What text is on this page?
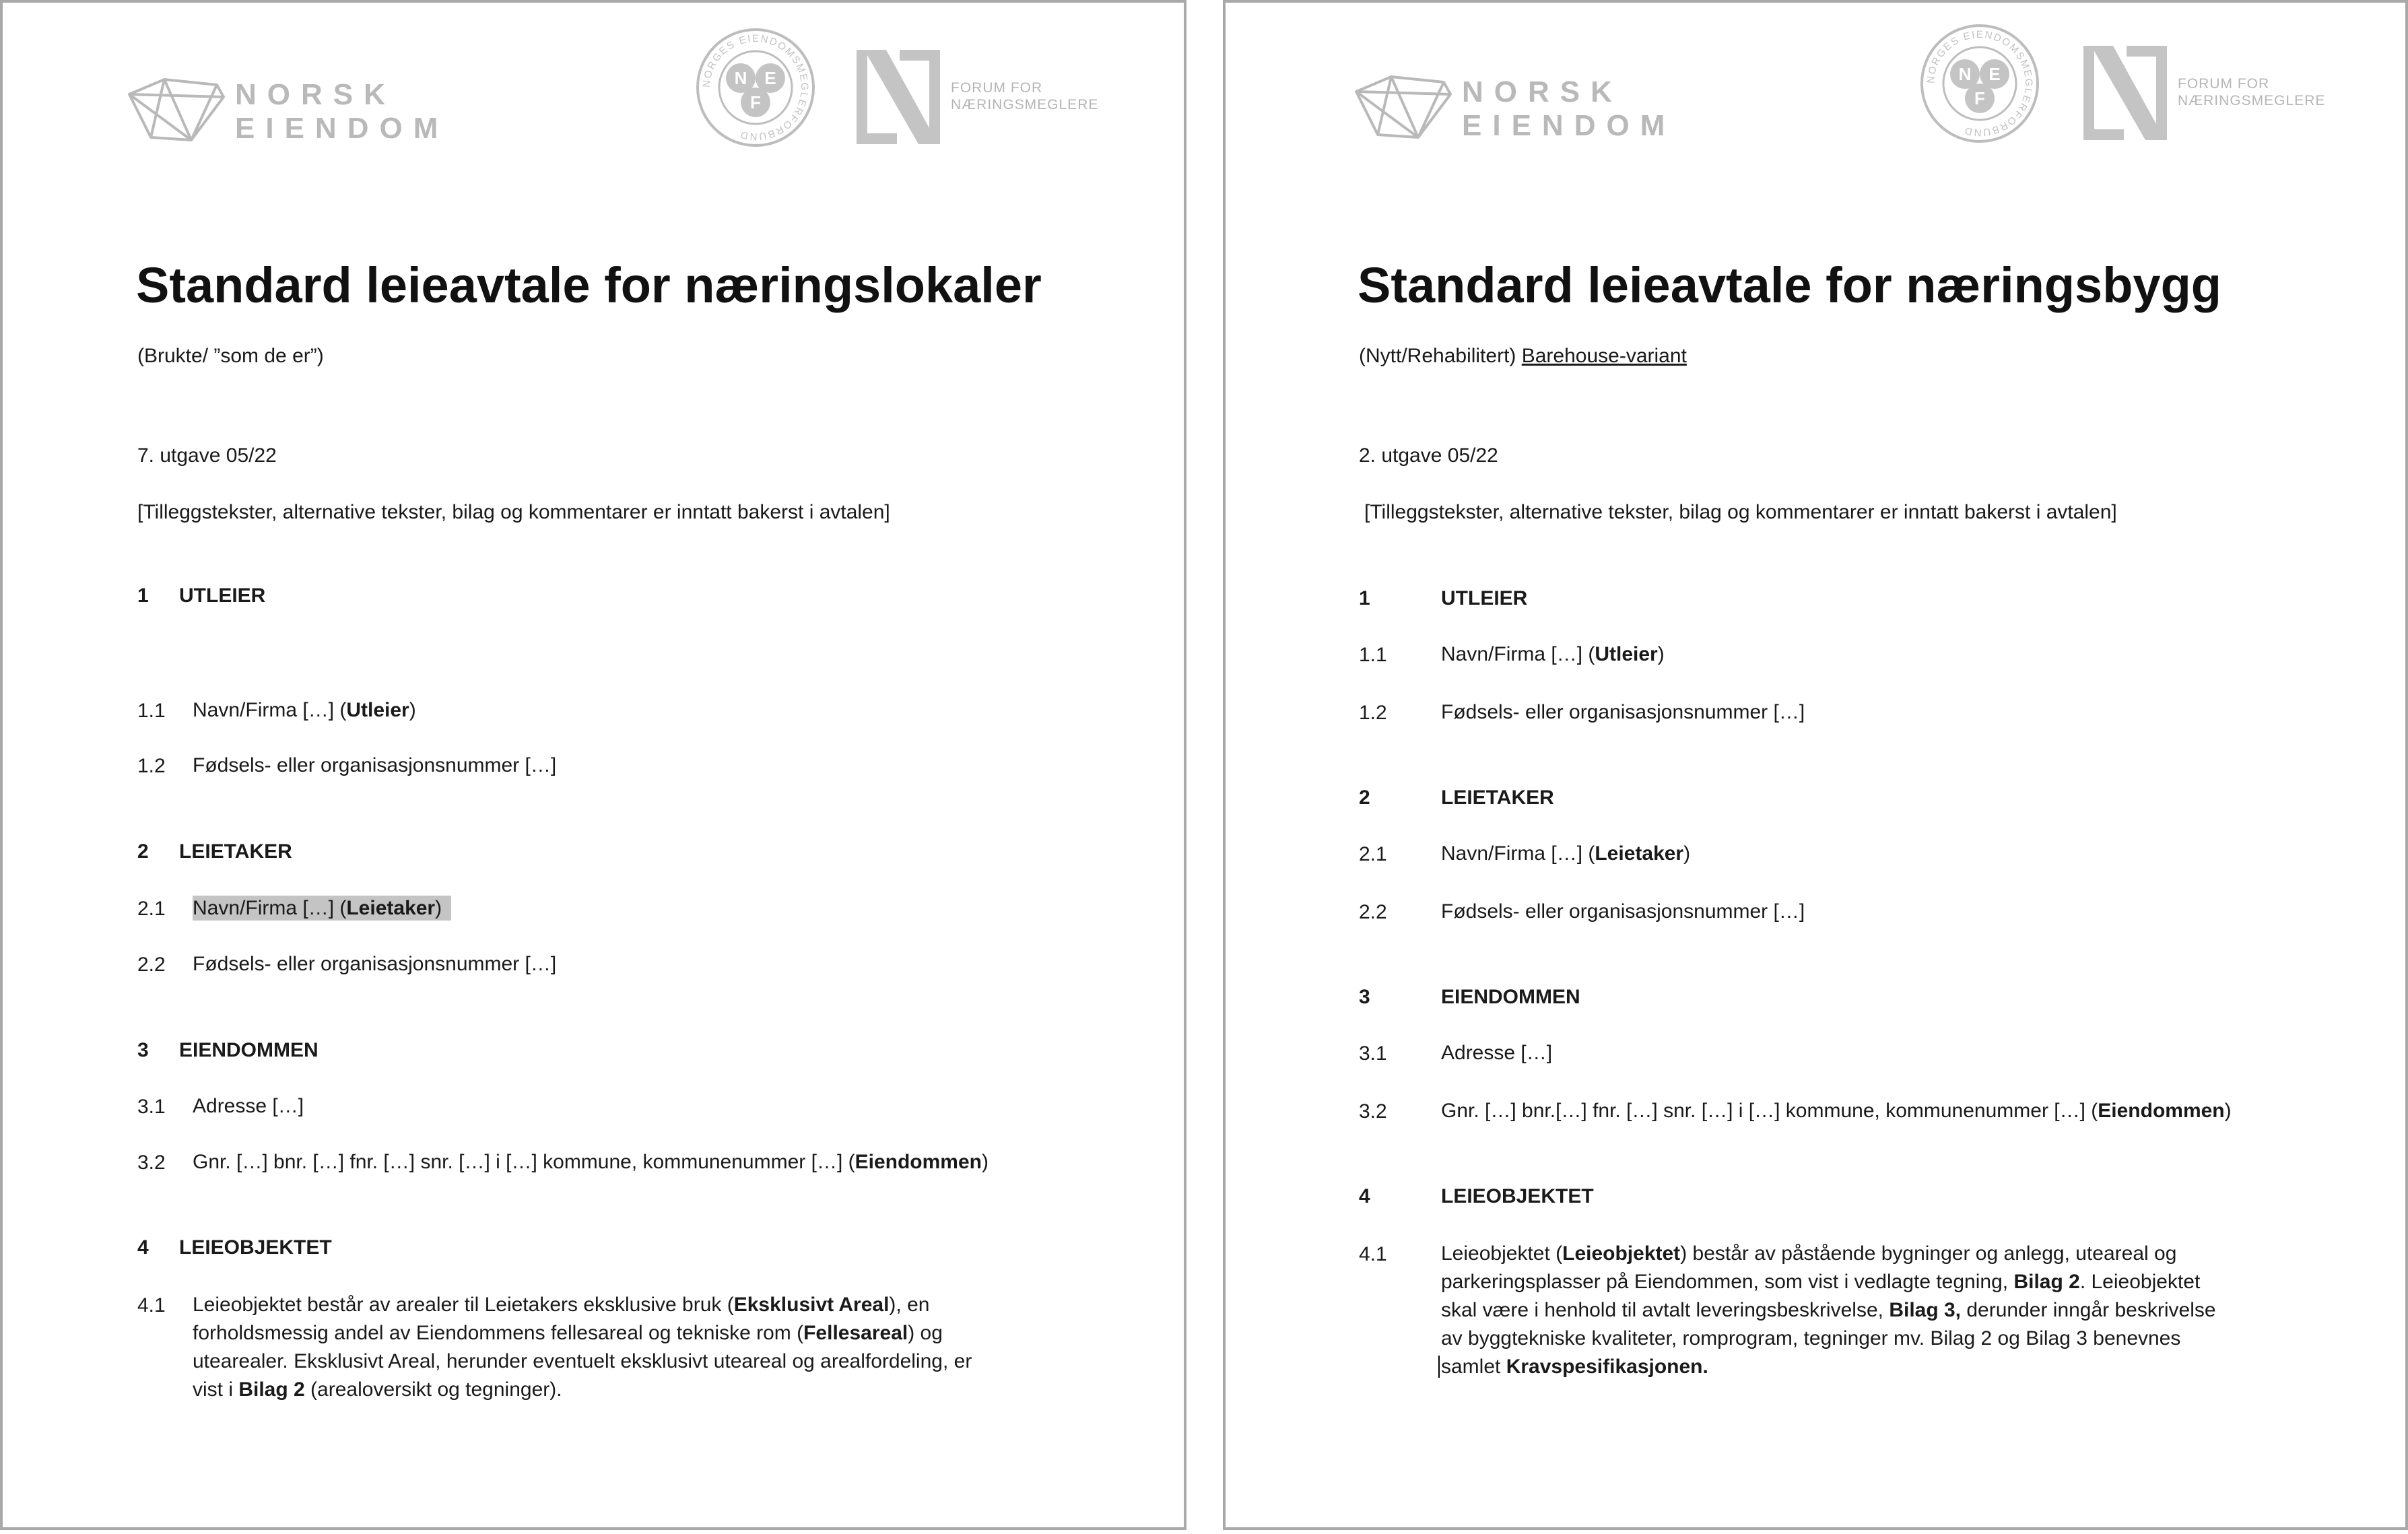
NORSK
EIENDOM
NORGES EIENDOMSMEGLERFORBUND
N E
F
FORUM FOR
NÆRINGSMEGLERE
Standard leieavtale for næringslokaler
(Brukte/ ”som de er”)
7. utgave 05/22
[Tilleggstekster, alternative tekster, bilag og kommentarer er inntatt bakerst i avtalen]
1 UTLEIER
1.1 Navn/Firma […] (Utleier)
1.2 Fødsels- eller organisasjonsnummer […]
2 LEIETAKER
2.1 Navn/Firma […] (Leietaker)
2.2 Fødsels- eller organisasjonsnummer […]
3 EIENDOMMEN
3.1 Adresse […]
3.2 Gnr. […] bnr. […] fnr. […] snr. […] i […] kommune, kommunenummer […] (Eiendommen)
4 LEIEOBJEKTET
4.1 Leieobjektet består av arealer til Leietakers eksklusive bruk (Eksklusivt Areal), en
forholdsmessig andel av Eiendommens fellesareal og tekniske rom (Fellesareal) og
utearealer. Eksklusivt Areal, herunder eventuelt eksklusivt uteareal og arealfordeling, er
vist i Bilag 2 (arealoversikt og tegninger).
NORSK
EIENDOM
NORGES EIENDOMSMEGLERFORBUND
N E
F
FORUM FOR
NÆRINGSMEGLERE
Standard leieavtale for næringsbygg
(Nytt/Rehabilitert) Barehouse-variant
2. utgave 05/22
[Tilleggstekster, alternative tekster, bilag og kommentarer er inntatt bakerst i avtalen]
1	UTLEIER
1.1	Navn/Firma […] (Utleier)
1.2	Fødsels- eller organisasjonsnummer […]
2	LEIETAKER
2.1	Navn/Firma […] (Leietaker)
2.2	Fødsels- eller organisasjonsnummer […]
3	EIENDOMMEN
3.1	Adresse […]
3.2	Gnr. […] bnr.[…] fnr. […] snr. […] i […] kommune, kommunenummer […] (Eiendommen)
4	LEIEOBJEKTET
4.1	Leieobjektet (Leieobjektet) består av påstående bygninger og anlegg, uteareal og
parkeringsplasser på Eiendommen, som vist i vedlagte tegning, Bilag 2. Leieobjektet
skal være i henhold til avtalt leveringsbeskrivelse, Bilag 3, derunder inngår beskrivelse
av byggtekniske kvaliteter, romprogram, tegninger mv. Bilag 2 og Bilag 3 benevnes
samlet Kravspesifikasjonen.
